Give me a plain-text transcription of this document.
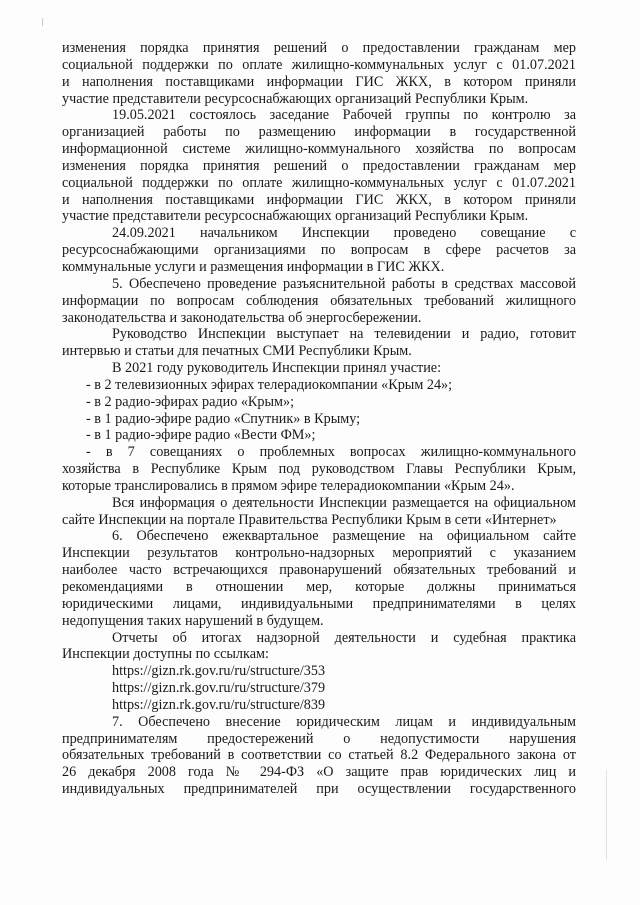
изменения порядка принятия решений о предоставлении гражданам мер
социальной поддержки по оплате жилищно-коммунальных услуг с 01.07.2021
и наполнения поставщиками информации ГИС ЖКХ, в котором приняли
участие представители ресурсоснабжающих организаций Республики Крым.
19.05.2021 состоялось заседание Рабочей группы по контролю за
организацией работы по размещению информации в государственной
информационной системе жилищно-коммунального хозяйства по вопросам
изменения порядка принятия решений о предоставлении гражданам мер
социальной поддержки по оплате жилищно-коммунальных услуг с 01.07.2021
и наполнения поставщиками информации ГИС ЖКХ, в котором приняли
участие представители ресурсоснабжающих организаций Республики Крым.
24.09.2021 начальником Инспекции проведено совещание с
ресурсоснабжающими организациями по вопросам в сфере расчетов за
коммунальные услуги и размещения информации в ГИС ЖКХ.
5. Обеспечено проведение разъяснительной работы в средствах массовой
информации по вопросам соблюдения обязательных требований жилищного
законодательства и законодательства об энергосбережении.
Руководство Инспекции выступает на телевидении и радио, готовит
интервью и статьи для печатных СМИ Республики Крым.
В 2021 году руководитель Инспекции принял участие:
- в 2 телевизионных эфирах телерадиокомпании «Крым 24»;
- в 2 радио-эфирах радио «Крым»;
- в 1 радио-эфире радио «Спутник» в Крыму;
- в 1 радио-эфире радио «Вести ФМ»;
- в 7 совещаниях о проблемных вопросах жилищно-коммунального
хозяйства в Республике Крым под руководством Главы Республики Крым,
которые транслировались в прямом эфире телерадиокомпании «Крым 24».
Вся информация о деятельности Инспекции размещается на официальном
сайте Инспекции на портале Правительства Республики Крым в сети «Интернет»
6. Обеспечено ежеквартальное размещение на официальном сайте
Инспекции результатов контрольно-надзорных мероприятий с указанием
наиболее часто встречающихся правонарушений обязательных требований и
рекомендациями в отношении мер, которые должны приниматься
юридическими лицами, индивидуальными предпринимателями в целях
недопущения таких нарушений в будущем.
Отчеты об итогах надзорной деятельности и судебная практика
Инспекции доступны по ссылкам:
https://gizn.rk.gov.ru/ru/structure/353
https://gizn.rk.gov.ru/ru/structure/379
https://gizn.rk.gov.ru/ru/structure/839
7. Обеспечено внесение юридическим лицам и индивидуальным
предпринимателям предостережений о недопустимости нарушения
обязательных требований в соответствии со статьей 8.2 Федерального закона от
26 декабря 2008 года № 294-ФЗ «О защите прав юридических лиц и
индивидуальных предпринимателей при осуществлении государственного
